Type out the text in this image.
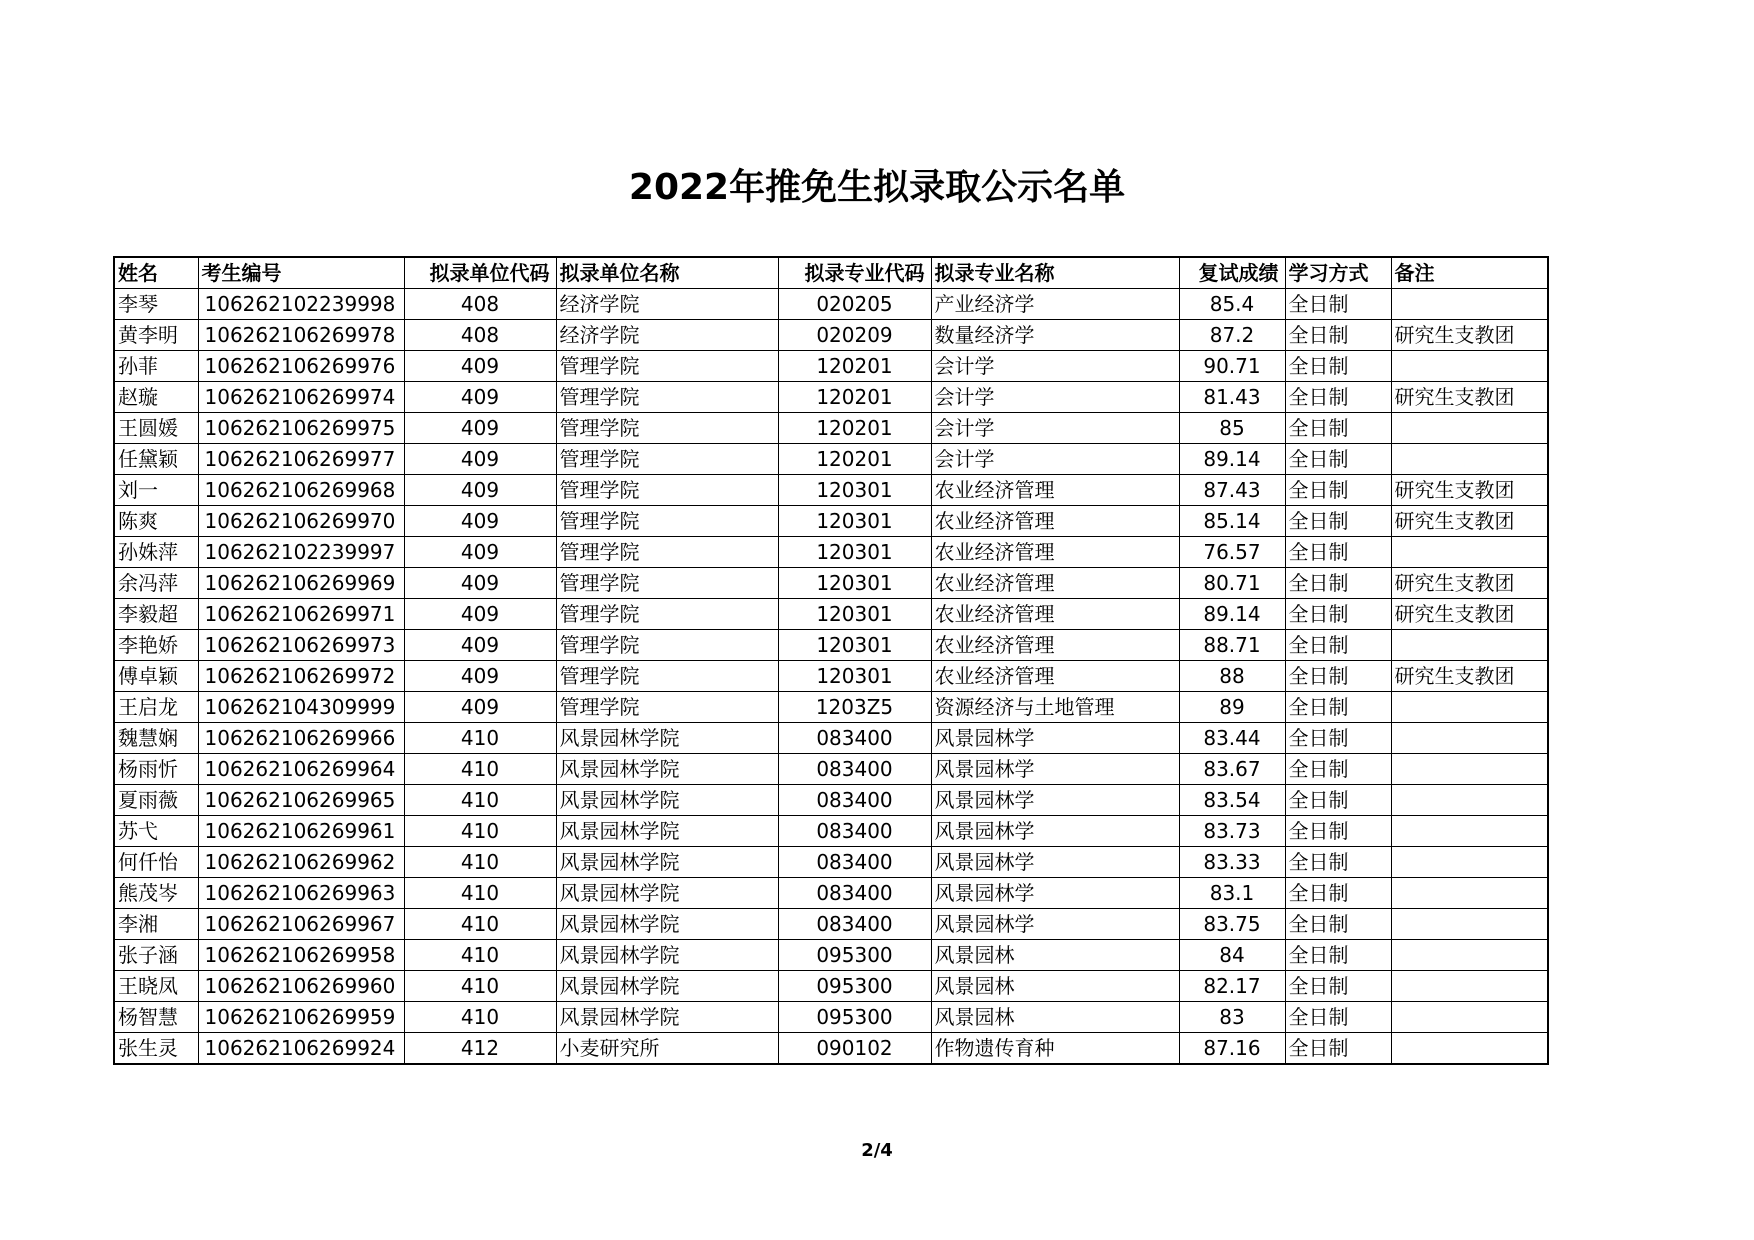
2022年推免生拟录取公示名单
姓名	考生编号	拟录单位代码	拟录单位名称	拟录专业代码	拟录专业名称	复试成绩	学习方式	备注
李琴	106262102239998	408	经济学院	020205	产业经济学	85.4	全日制	
黄李明	106262106269978	408	经济学院	020209	数量经济学	87.2	全日制	研究生支教团
孙菲	106262106269976	409	管理学院	120201	会计学	90.71	全日制	
赵璇	106262106269974	409	管理学院	120201	会计学	81.43	全日制	研究生支教团
王圆媛	106262106269975	409	管理学院	120201	会计学	85	全日制	
任黛颖	106262106269977	409	管理学院	120201	会计学	89.14	全日制	
刘一	106262106269968	409	管理学院	120301	农业经济管理	87.43	全日制	研究生支教团
陈爽	106262106269970	409	管理学院	120301	农业经济管理	85.14	全日制	研究生支教团
孙姝萍	106262102239997	409	管理学院	120301	农业经济管理	76.57	全日制	
余冯萍	106262106269969	409	管理学院	120301	农业经济管理	80.71	全日制	研究生支教团
李毅超	106262106269971	409	管理学院	120301	农业经济管理	89.14	全日制	研究生支教团
李艳娇	106262106269973	409	管理学院	120301	农业经济管理	88.71	全日制	
傅卓颖	106262106269972	409	管理学院	120301	农业经济管理	88	全日制	研究生支教团
王启龙	106262104309999	409	管理学院	1203Z5	资源经济与土地管理	89	全日制	
魏慧娴	106262106269966	410	风景园林学院	083400	风景园林学	83.44	全日制	
杨雨忻	106262106269964	410	风景园林学院	083400	风景园林学	83.67	全日制	
夏雨薇	106262106269965	410	风景园林学院	083400	风景园林学	83.54	全日制	
苏弋	106262106269961	410	风景园林学院	083400	风景园林学	83.73	全日制	
何仟怡	106262106269962	410	风景园林学院	083400	风景园林学	83.33	全日制	
熊茂岑	106262106269963	410	风景园林学院	083400	风景园林学	83.1	全日制	
李湘	106262106269967	410	风景园林学院	083400	风景园林学	83.75	全日制	
张子涵	106262106269958	410	风景园林学院	095300	风景园林	84	全日制	
王晓凤	106262106269960	410	风景园林学院	095300	风景园林	82.17	全日制	
杨智慧	106262106269959	410	风景园林学院	095300	风景园林	83	全日制	
张生灵	106262106269924	412	小麦研究所	090102	作物遗传育种	87.16	全日制	
2/4
